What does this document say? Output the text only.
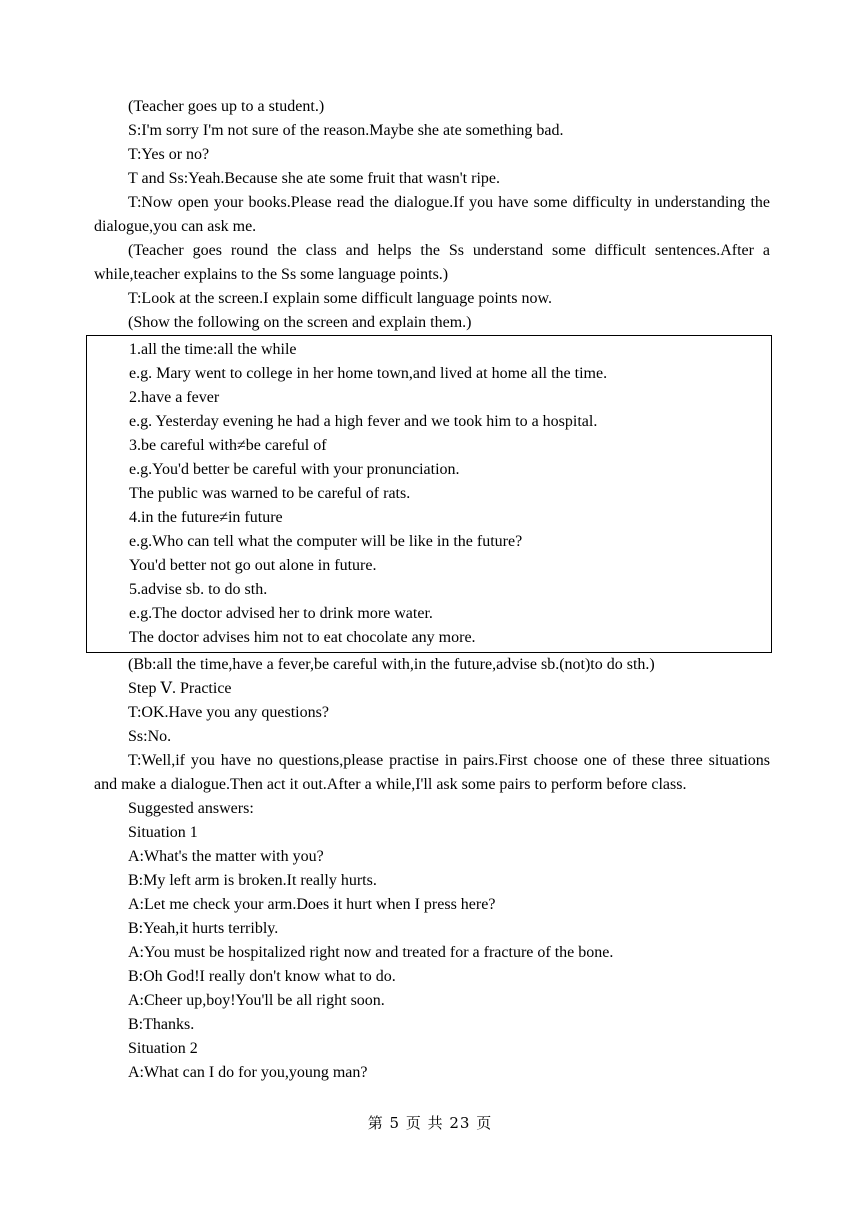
(Teacher goes up to a student.)
S:I'm sorry I'm not sure of the reason.Maybe she ate something bad.
T:Yes or no?
T and Ss:Yeah.Because she ate some fruit that wasn't ripe.
T:Now open your books.Please read the dialogue.If you have some difficulty in understanding the dialogue,you can ask me.
(Teacher goes round the class and helps the Ss understand some difficult sentences.After a while,teacher explains to the Ss some language points.)
T:Look at the screen.I explain some difficult language points now.
(Show the following on the screen and explain them.)
1.all the time:all the while
e.g. Mary went to college in her home town,and lived at home all the time.
2.have a fever
e.g. Yesterday evening he had a high fever and we took him to a hospital.
3.be careful with≠be careful of
e.g.You'd better be careful with your pronunciation.
The public was warned to be careful of rats.
4.in the future≠in future
e.g.Who can tell what the computer will be like in the future?
You'd better not go out alone in future.
5.advise sb. to do sth.
e.g.The doctor advised her to drink more water.
The doctor advises him not to eat chocolate any more.
(Bb:all the time,have a fever,be careful with,in the future,advise sb.(not)to do sth.)
Step Ⅴ. Practice
T:OK.Have you any questions?
Ss:No.
T:Well,if you have no questions,please practise in pairs.First choose one of these three situations and make a dialogue.Then act it out.After a while,I'll ask some pairs to perform before class.
Suggested answers:
Situation 1
A:What's the matter with you?
B:My left arm is broken.It really hurts.
A:Let me check your arm.Does it hurt when I press here?
B:Yeah,it hurts terribly.
A:You must be hospitalized right now and treated for a fracture of the bone.
B:Oh God!I really don't know what to do.
A:Cheer up,boy!You'll be all right soon.
B:Thanks.
Situation 2
A:What can I do for you,young man?
第 5 页 共 23 页
